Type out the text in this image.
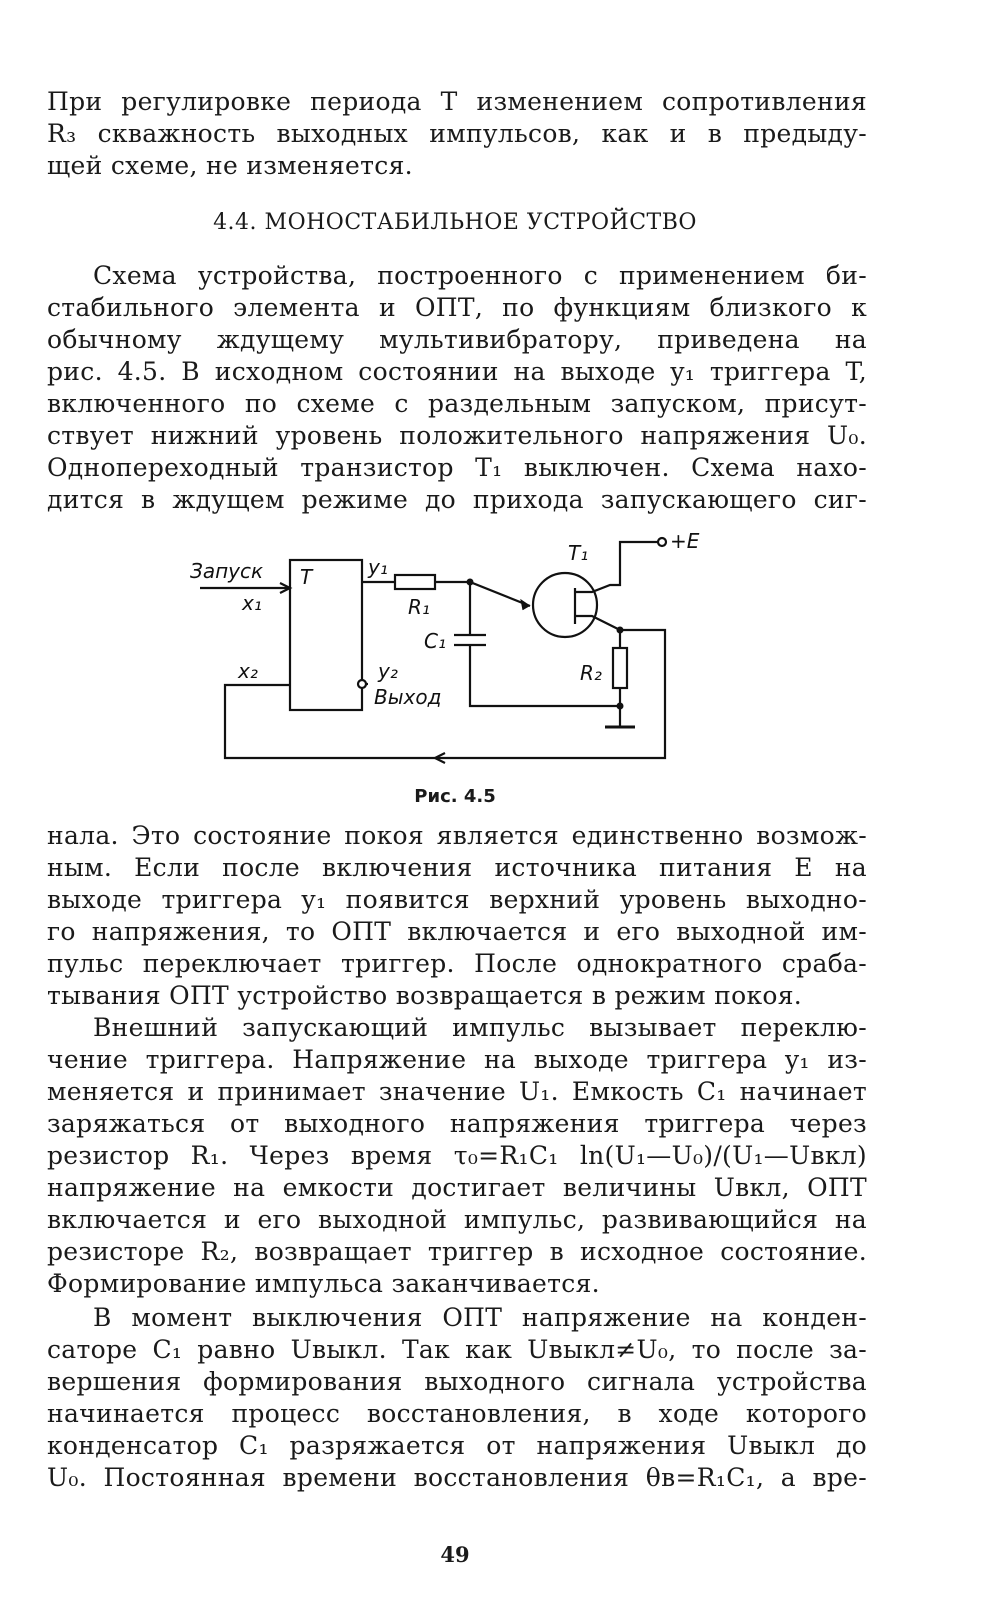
При регулировке периода T изменением сопротивления
R₃ скважность выходных импульсов, как и в предыду-
щей схеме, не изменяется.

4.4. МОНОСТАБИЛЬНОЕ УСТРОЙСТВО

Схема устройства, построенного с применением би-
стабильного элемента и ОПТ, по функциям близкого к
обычному ждущему мультивибратору, приведена на
рис. 4.5. В исходном состоянии на выходе y₁ триггера T,
включенного по схеме с раздельным запуском, присут-
ствует нижний уровень положительного напряжения U₀.
Однопереходный транзистор T₁ выключен. Схема нахо-
дится в ждущем режиме до прихода запускающего сиг-

Запуск
x₁
x₂
T	y₁
R₁
C₁
T₁	+E
R₂
y₂
Выход
Рис. 4.5

нала. Это состояние покоя является единственно возмож-
ным. Если после включения источника питания E на
выходе триггера y₁ появится верхний уровень выходно-
го напряжения, то ОПТ включается и его выходной им-
пульс переключает триггер. После однократного сраба-
тывания ОПТ устройство возвращается в режим покоя.

Внешний запускающий импульс вызывает переклю-
чение триггера. Напряжение на выходе триггера y₁ из-
меняется и принимает значение U₁. Емкость C₁ начинает
заряжаться от выходного напряжения триггера через
резистор R₁. Через время τ₀=R₁C₁ ln(U₁—U₀)/(U₁—Uвкл)
напряжение на емкости достигает величины Uвкл, ОПТ
включается и его выходной импульс, развивающийся на
резисторе R₂, возвращает триггер в исходное состояние.
Формирование импульса заканчивается.

В момент выключения ОПТ напряжение на конден-
саторе C₁ равно Uвыкл. Так как Uвыкл≠U₀, то после за-
вершения формирования выходного сигнала устройства
начинается процесс восстановления, в ходе которого
конденсатор C₁ разряжается от напряжения Uвыкл до
U₀. Постоянная времени восстановления θв=R₁C₁, а вре-

49
